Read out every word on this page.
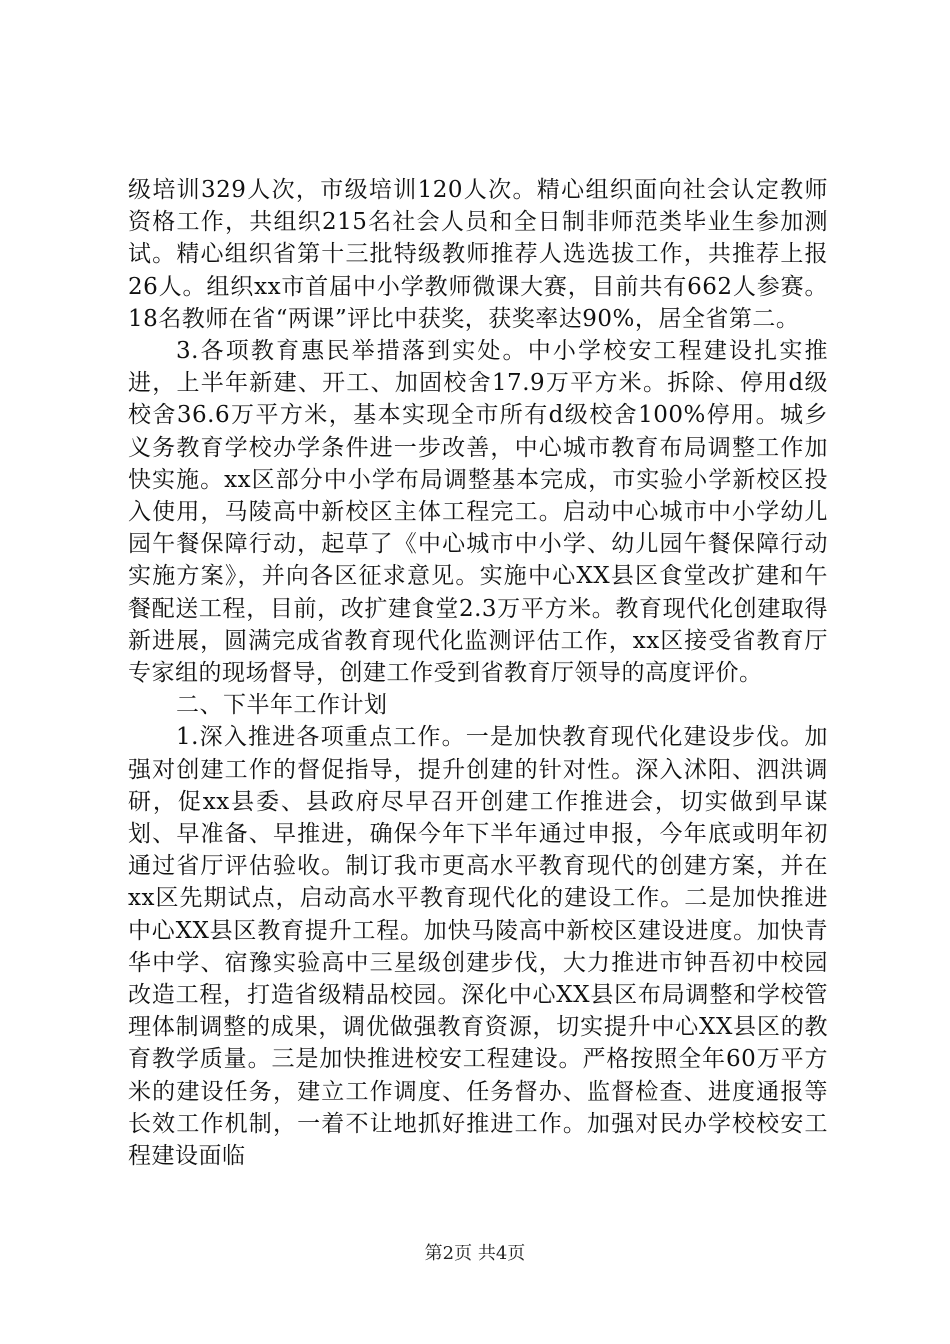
级培训329人次，市级培训120人次。精心组织面向社会认定教师资格工作，共组织215名社会人员和全日制非师范类毕业生参加测试。精心组织省第十三批特级教师推荐人选选拔工作，共推荐上报26人。组织xx市首届中小学教师微课大赛，目前共有662人参赛。18名教师在省“两课”评比中获奖，获奖率达90%，居全省第二。

3.各项教育惠民举措落到实处。中小学校安工程建设扎实推进，上半年新建、开工、加固校舍17.9万平方米。拆除、停用d级校舍36.6万平方米，基本实现全市所有d级校舍100%停用。城乡义务教育学校办学条件进一步改善，中心城市教育布局调整工作加快实施。xx区部分中小学布局调整基本完成，市实验小学新校区投入使用，马陵高中新校区主体工程完工。启动中心城市中小学幼儿园午餐保障行动，起草了《中心城市中小学、幼儿园午餐保障行动实施方案》，并向各区征求意见。实施中心XX县区食堂改扩建和午餐配送工程，目前，改扩建食堂2.3万平方米。教育现代化创建取得新进展，圆满完成省教育现代化监测评估工作，xx区接受省教育厅专家组的现场督导，创建工作受到省教育厅领导的高度评价。

二、下半年工作计划

1.深入推进各项重点工作。一是加快教育现代化建设步伐。加强对创建工作的督促指导，提升创建的针对性。深入沭阳、泗洪调研，促xx县委、县政府尽早召开创建工作推进会，切实做到早谋划、早准备、早推进，确保今年下半年通过申报，今年底或明年初通过省厅评估验收。制订我市更高水平教育现代的创建方案，并在xx区先期试点，启动高水平教育现代化的建设工作。二是加快推进中心XX县区教育提升工程。加快马陵高中新校区建设进度。加快青华中学、宿豫实验高中三星级创建步伐，大力推进市钟吾初中校园改造工程，打造省级精品校园。深化中心XX县区布局调整和学校管理体制调整的成果，调优做强教育资源，切实提升中心XX县区的教育教学质量。三是加快推进校安工程建设。严格按照全年60万平方米的建设任务，建立工作调度、任务督办、监督检查、进度通报等长效工作机制，一着不让地抓好推进工作。加强对民办学校校安工程建设面临

第2页 共4页
